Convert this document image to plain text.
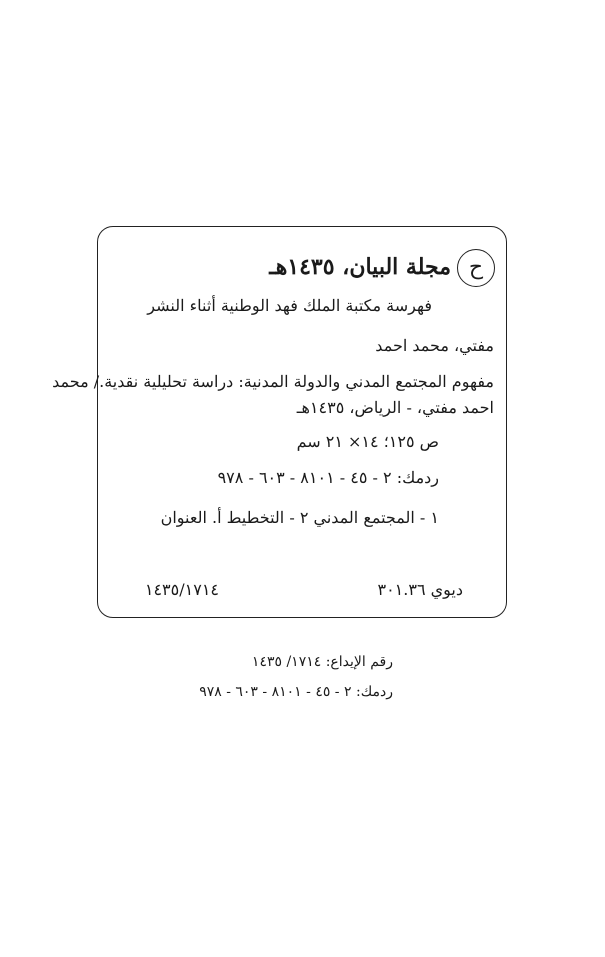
ح
مجلة البيان، ١٤٣٥هـ
فهرسة مكتبة الملك فهد الوطنية أثناء النشر
مفتي، محمد احمد
مفهوم المجتمع المدني والدولة المدنية: دراسة تحليلية نقدية./ محمد
احمد مفتي، - الرياض، ١٤٣٥هـ
ص ١٢٥؛ ١٤× ٢١ سم
ردمك: ٢ - ٤٥ - ٨١٠١ - ٦٠٣ - ٩٧٨
١ - المجتمع المدني ٢ - التخطيط أ. العنوان
ديوي ٣٠١.٣٦
١٤٣٥/١٧١٤
رقم الإيداع: ١٧١٤/ ١٤٣٥
ردمك: ٢ - ٤٥ - ٨١٠١ - ٦٠٣ - ٩٧٨
